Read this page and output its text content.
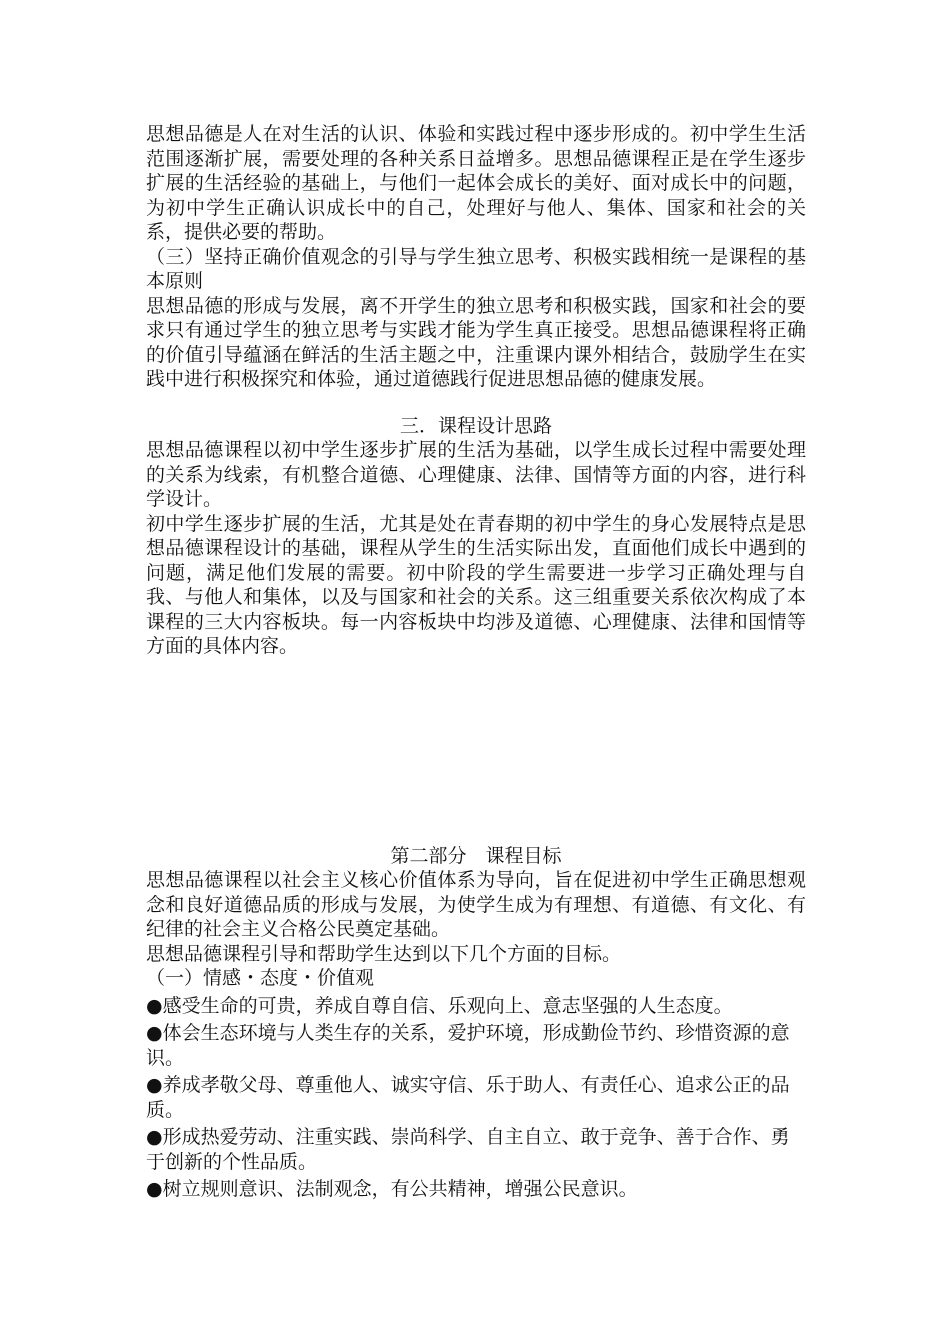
思想品德是人在对生活的认识、体验和实践过程中逐步形成的。初中学生生活范围逐渐扩展，需要处理的各种关系日益增多。思想品德课程正是在学生逐步扩展的生活经验的基础上，与他们一起体会成长的美好、面对成长中的问题，为初中学生正确认识成长中的自己，处理好与他人、集体、国家和社会的关系，提供必要的帮助。

（三）坚持正确价值观念的引导与学生独立思考、积极实践相统一是课程的基本原则

思想品德的形成与发展，离不开学生的独立思考和积极实践，国家和社会的要求只有通过学生的独立思考与实践才能为学生真正接受。思想品德课程将正确的价值引导蕴涵在鲜活的生活主题之中，注重课内课外相结合，鼓励学生在实践中进行积极探究和体验，通过道德践行促进思想品德的健康发展。

三．课程设计思路

思想品德课程以初中学生逐步扩展的生活为基础，以学生成长过程中需要处理的关系为线索，有机整合道德、心理健康、法律、国情等方面的内容，进行科学设计。

初中学生逐步扩展的生活，尤其是处在青春期的初中学生的身心发展特点是思想品德课程设计的基础，课程从学生的生活实际出发，直面他们成长中遇到的问题，满足他们发展的需要。初中阶段的学生需要进一步学习正确处理与自我、与他人和集体，以及与国家和社会的关系。这三组重要关系依次构成了本课程的三大内容板块。每一内容板块中均涉及道德、心理健康、法律和国情等方面的具体内容。

第二部分　课程目标

思想品德课程以社会主义核心价值体系为导向，旨在促进初中学生正确思想观念和良好道德品质的形成与发展，为使学生成为有理想、有道德、有文化、有纪律的社会主义合格公民奠定基础。

思想品德课程引导和帮助学生达到以下几个方面的目标。

（一）情感・态度・价值观

●感受生命的可贵，养成自尊自信、乐观向上、意志坚强的人生态度。

●体会生态环境与人类生存的关系，爱护环境，形成勤俭节约、珍惜资源的意识。

●养成孝敬父母、尊重他人、诚实守信、乐于助人、有责任心、追求公正的品质。

●形成热爱劳动、注重实践、崇尚科学、自主自立、敢于竞争、善于合作、勇于创新的个性品质。

●树立规则意识、法制观念，有公共精神，增强公民意识。
